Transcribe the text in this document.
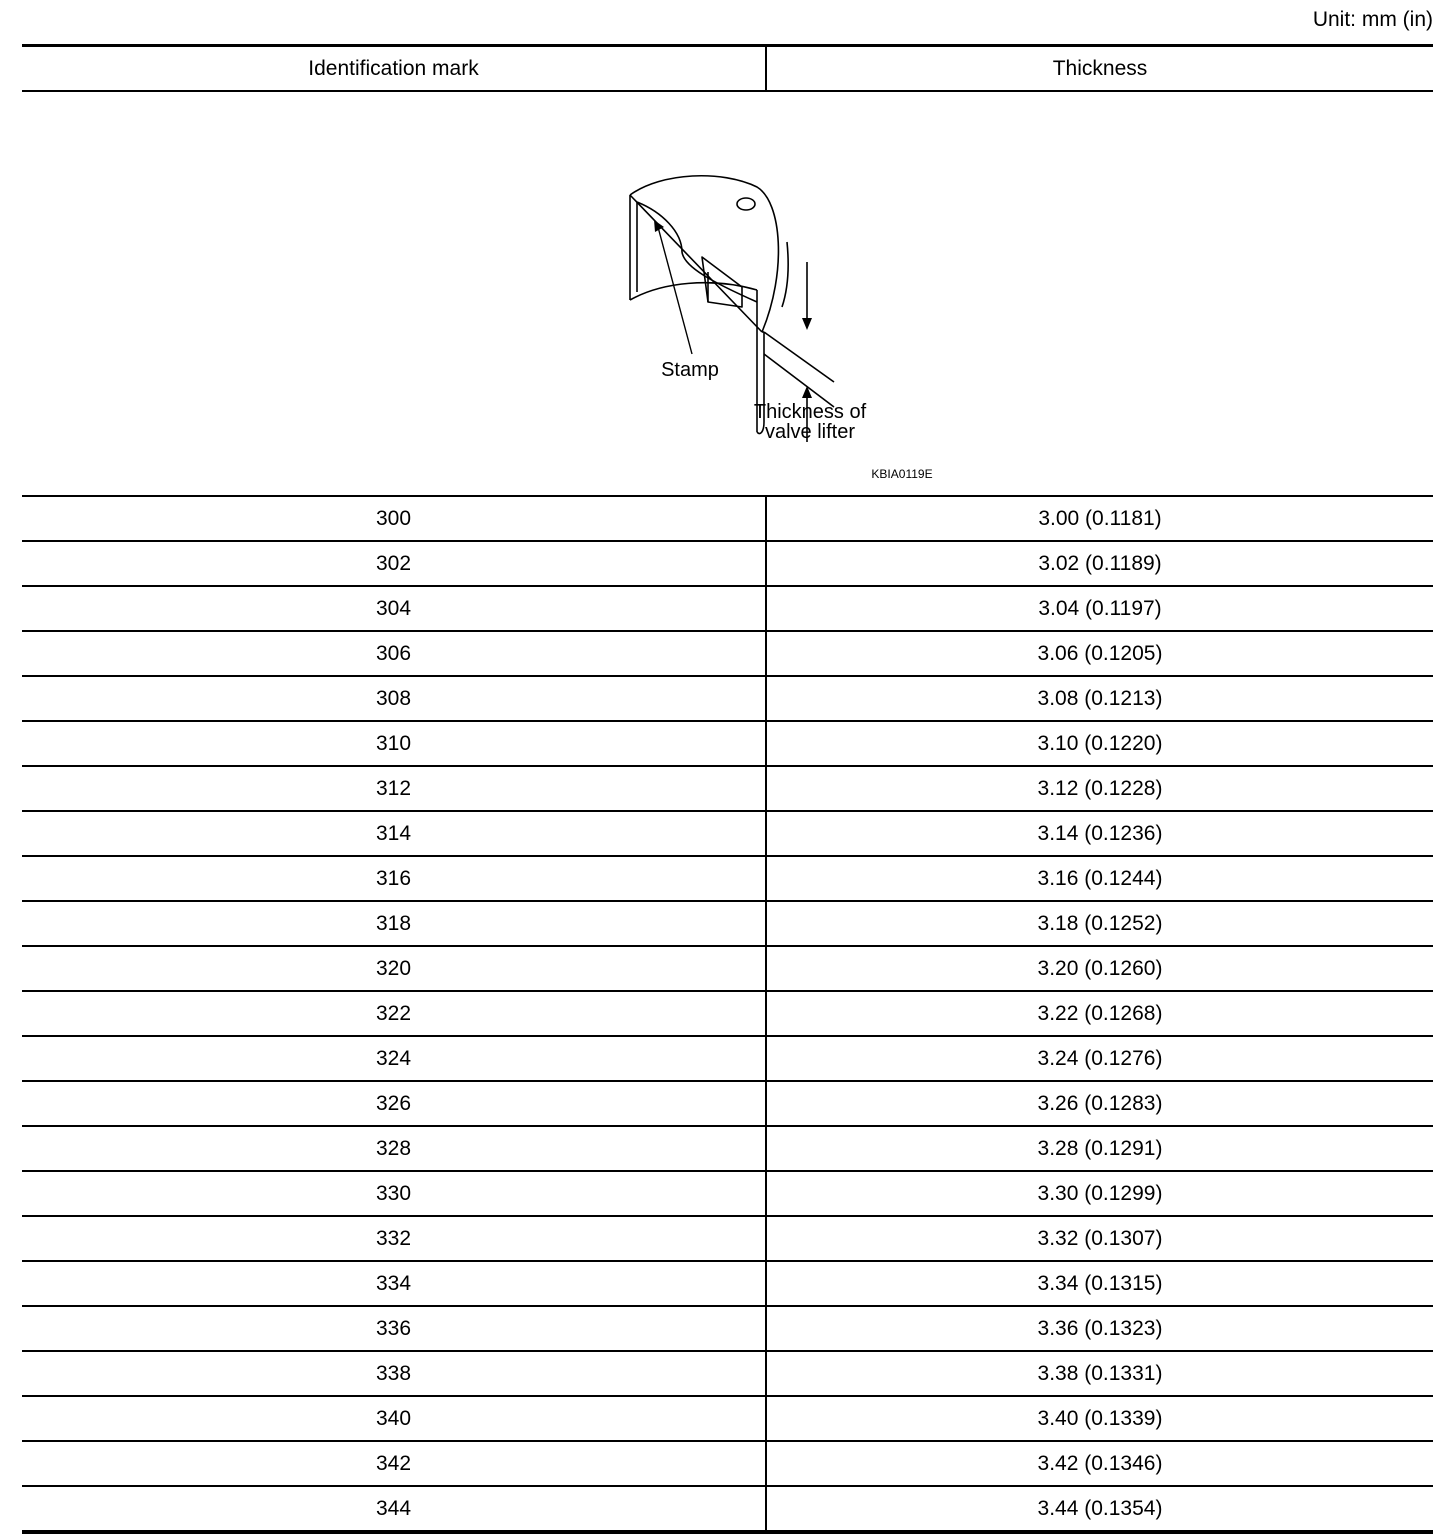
Unit: mm (in)
Identification mark	Thickness
Stamp
Thickness of
valve lifter
KBIA0119E
300	3.00 (0.1181)
302	3.02 (0.1189)
304	3.04 (0.1197)
306	3.06 (0.1205)
308	3.08 (0.1213)
310	3.10 (0.1220)
312	3.12 (0.1228)
314	3.14 (0.1236)
316	3.16 (0.1244)
318	3.18 (0.1252)
320	3.20 (0.1260)
322	3.22 (0.1268)
324	3.24 (0.1276)
326	3.26 (0.1283)
328	3.28 (0.1291)
330	3.30 (0.1299)
332	3.32 (0.1307)
334	3.34 (0.1315)
336	3.36 (0.1323)
338	3.38 (0.1331)
340	3.40 (0.1339)
342	3.42 (0.1346)
344	3.44 (0.1354)
